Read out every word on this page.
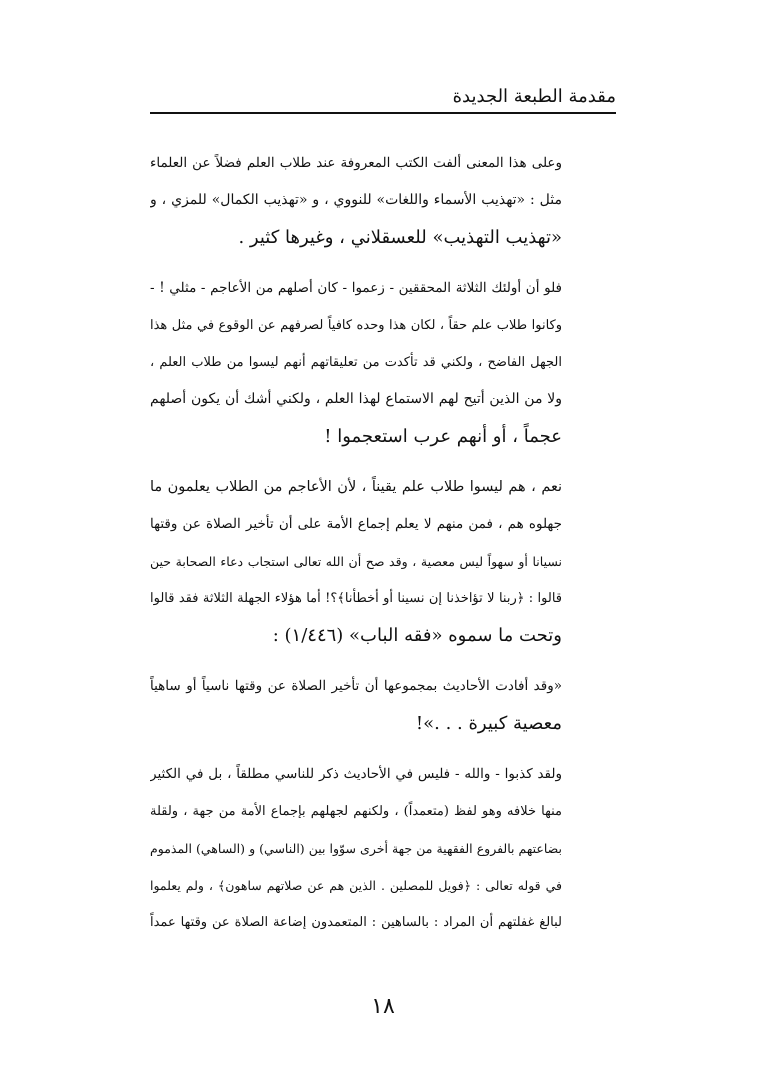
مقدمة الطبعة الجديدة

وعلى هذا المعنى ألفت الكتب المعروفة عند طلاب العلم فضلاً عن العلماء
مثل : «تهذيب الأسماء واللغات» للنووي ، و «تهذيب الكمال» للمزي ، و
«تهذيب التهذيب» للعسقلاني ، وغيرها كثير .

فلو أن أولئك الثلاثة المحققين - زعموا - كان أصلهم من الأعاجم - مثلي ! -
وكانوا طلاب علم حقاً ، لكان هذا وحده كافياً لصرفهم عن الوقوع في مثل هذا
الجهل الفاضح ، ولكني قد تأكدت من تعليقاتهم أنهم ليسوا من طلاب العلم ،
ولا من الذين أتيح لهم الاستماع لهذا العلم ، ولكني أشك أن يكون أصلهم
عجماً ، أو أنهم عرب استعجموا !

نعم ، هم ليسوا طلاب علم يقيناً ، لأن الأعاجم من الطلاب يعلمون ما
جهلوه هم ، فمن منهم لا يعلم إجماع الأمة على أن تأخير الصلاة عن وقتها
نسيانا أو سهواً ليس معصية ، وقد صح أن الله تعالى استجاب دعاء الصحابة حين
قالوا : ﴿ربنا لا تؤاخذنا إن نسينا أو أخطأنا﴾؟! أما هؤلاء الجهلة الثلاثة فقد قالوا
وتحت ما سموه «فقه الباب» (١/٤٤٦) :

«وقد أفادت الأحاديث بمجموعها أن تأخير الصلاة عن وقتها ناسياً أو ساهياً
معصية كبيرة . . .»!

ولقد كذبوا - والله - فليس في الأحاديث ذكر للناسي مطلقاً ، بل في الكثير
منها خلافه وهو لفظ (متعمداً) ، ولكنهم لجهلهم بإجماع الأمة من جهة ، ولقلة
بضاعتهم بالفروع الفقهية من جهة أخرى سوّوا بين (الناسي) و (الساهي) المذموم
في قوله تعالى : ﴿فويل للمصلين . الذين هم عن صلاتهم ساهون﴾ ، ولم يعلموا
لبالغ غفلتهم أن المراد : بالساهين : المتعمدون إضاعة الصلاة عن وقتها عمداً

١٨
